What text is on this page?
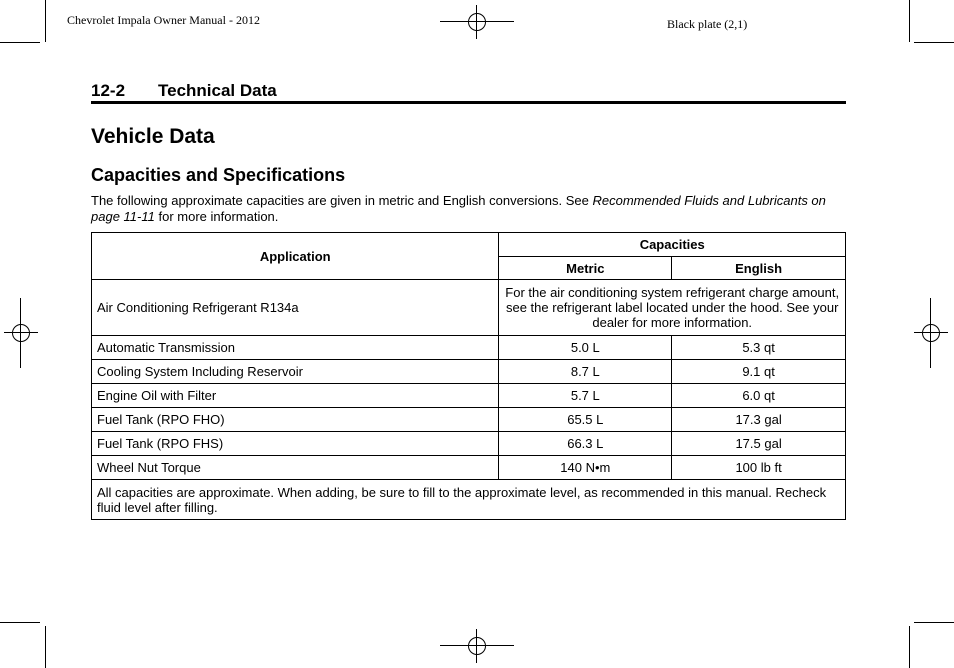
Chevrolet Impala Owner Manual - 2012	Black plate (2,1)
12-2 Technical Data
Vehicle Data
Capacities and Specifications
The following approximate capacities are given in metric and English conversions. See Recommended Fluids and Lubricants on page 11-11 for more information.
Application	Capacities	
	Metric	English
Air Conditioning Refrigerant R134a	For the air conditioning system refrigerant charge amount, see the refrigerant label located under the hood. See your dealer for more information.	
Automatic Transmission	5.0 L	5.3 qt
Cooling System Including Reservoir	8.7 L	9.1 qt
Engine Oil with Filter	5.7 L	6.0 qt
Fuel Tank (RPO FHO)	65.5 L	17.3 gal
Fuel Tank (RPO FHS)	66.3 L	17.5 gal
Wheel Nut Torque	140 N•m	100 lb ft
All capacities are approximate. When adding, be sure to fill to the approximate level, as recommended in this manual. Recheck fluid level after filling.		
